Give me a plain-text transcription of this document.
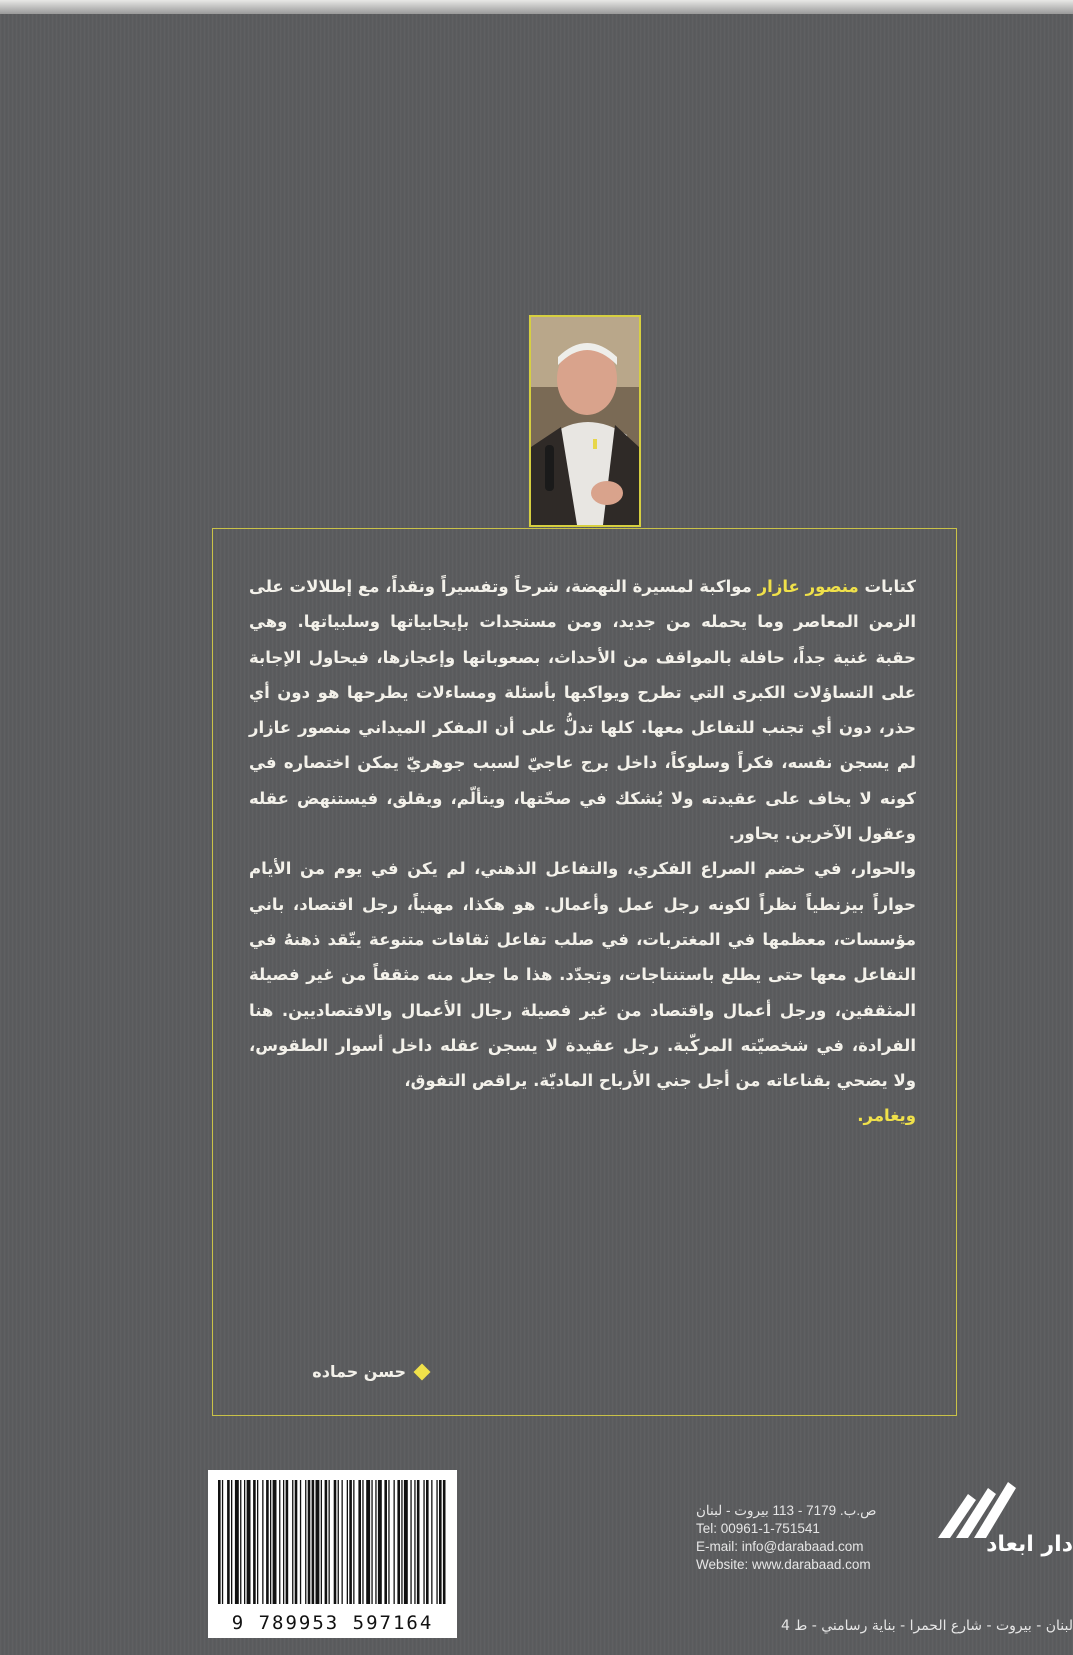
كتابات منصور عازار مواكبة لمسيرة النهضة، شرحاً وتفسيراً ونقداً، مع إطلالات على الزمن المعاصر وما يحمله من جديد، ومن مستجدات بإيجابياتها وسلبياتها. وهي حقبة غنية جداً، حافلة بالمواقف من الأحداث، بصعوباتها وإعجازها، فيحاول الإجابة على التساؤلات الكبرى التي تطرح ويواكبها بأسئلة ومساءلات يطرحها هو دون أي حذر، دون أي تجنب للتفاعل معها. كلها تدلُّ على أن المفكر الميداني منصور عازار لم يسجن نفسه، فكراً وسلوكاً، داخل برج عاجيّ لسبب جوهريّ يمكن اختصاره في كونه لا يخاف على عقيدته ولا يُشكك في صحّتها، ويتألّم، ويقلق، فيستنهض عقله وعقول الآخرين. يحاور.

والحوار، في خضم الصراع الفكري، والتفاعل الذهني، لم يكن في يوم من الأيام حواراً بيزنطياً نظراً لكونه رجل عمل وأعمال. هو هكذا، مهنياً، رجل اقتصاد، باني مؤسسات، معظمها في المغتربات، في صلب تفاعل ثقافات متنوعة يتّقد ذهنهُ في التفاعل معها حتى يطلع باستنتاجات، وتجدّد. هذا ما جعل منه مثقفاً من غير فصيلة المثقفين، ورجل أعمال واقتصاد من غير فصيلة رجال الأعمال والاقتصاديين. هنا الفرادة، في شخصيّته المركّبة. رجل عقيدة لا يسجن عقله داخل أسوار الطقوس، ولا يضحي بقناعاته من أجل جني الأرباح الماديّة. يراقص التفوق،

ويغامر.

حسن حماده
9 789953 597164
ص.ب. 7179 - 113 بيروت - لبنان
Tel: 00961-1-751541
E-mail: info@darabaad.com
Website: www.darabaad.com
دار ابعاد
لبنان - بيروت - شارع الحمرا - بناية رسامني - ط 4
